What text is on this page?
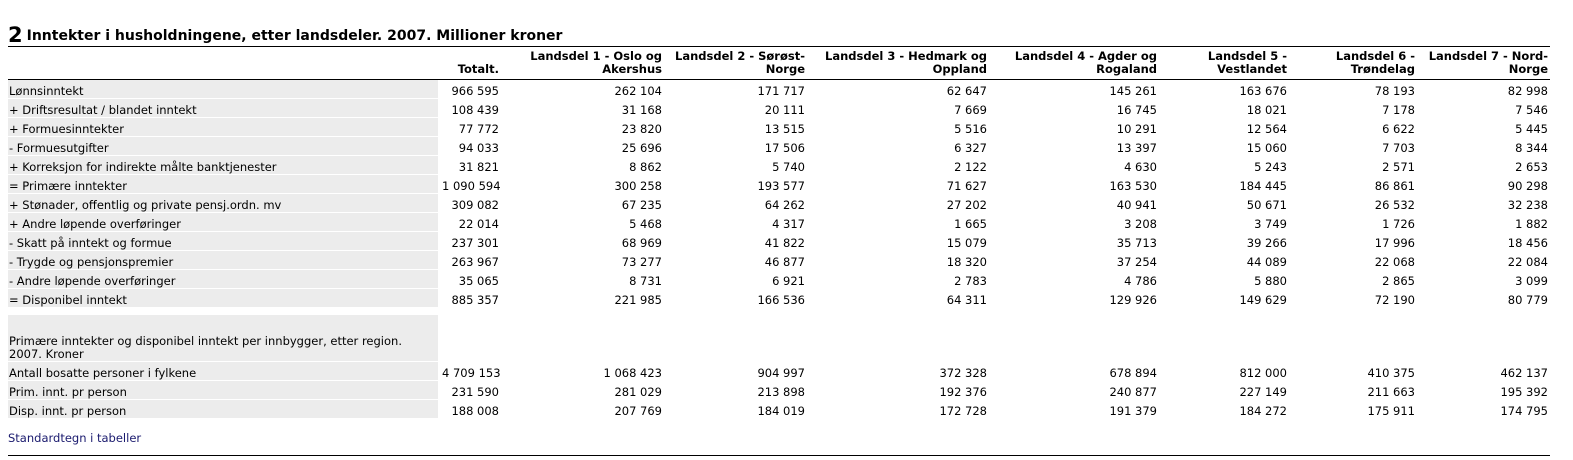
2 Inntekter i husholdningene, etter landsdeler. 2007. Millioner kroner
	Totalt.	Landsdel 1 - Oslo og Akershus	Landsdel 2 - Sørøst-Norge	Landsdel 3 - Hedmark og Oppland	Landsdel 4 - Agder og Rogaland	Landsdel 5 - Vestlandet	Landsdel 6 - Trøndelag	Landsdel 7 - Nord-Norge
Lønnsinntekt	966 595	262 104	171 717	62 647	145 261	163 676	78 193	82 998
+ Driftsresultat / blandet inntekt	108 439	31 168	20 111	7 669	16 745	18 021	7 178	7 546
+ Formuesinntekter	77 772	23 820	13 515	5 516	10 291	12 564	6 622	5 445
- Formuesutgifter	94 033	25 696	17 506	6 327	13 397	15 060	7 703	8 344
+ Korreksjon for indirekte målte banktjenester	31 821	8 862	5 740	2 122	4 630	5 243	2 571	2 653
= Primære inntekter	1 090 594	300 258	193 577	71 627	163 530	184 445	86 861	90 298
+ Stønader, offentlig og private pensj.ordn. mv	309 082	67 235	64 262	27 202	40 941	50 671	26 532	32 238
+ Andre løpende overføringer	22 014	5 468	4 317	1 665	3 208	3 749	1 726	1 882
- Skatt på inntekt og formue	237 301	68 969	41 822	15 079	35 713	39 266	17 996	18 456
- Trygde og pensjonspremier	263 967	73 277	46 877	18 320	37 254	44 089	22 068	22 084
- Andre løpende overføringer	35 065	8 731	6 921	2 783	4 786	5 880	2 865	3 099
= Disponibel inntekt	885 357	221 985	166 536	64 311	129 926	149 629	72 190	80 779

Primære inntekter og disponibel inntekt per innbygger, etter region. 2007. Kroner								
Antall bosatte personer i fylkene	4 709 153	1 068 423	904 997	372 328	678 894	812 000	410 375	462 137
Prim. innt. pr person	231 590	281 029	213 898	192 376	240 877	227 149	211 663	195 392
Disp. innt. pr person	188 008	207 769	184 019	172 728	191 379	184 272	175 911	174 795
Standardtegn i tabeller
